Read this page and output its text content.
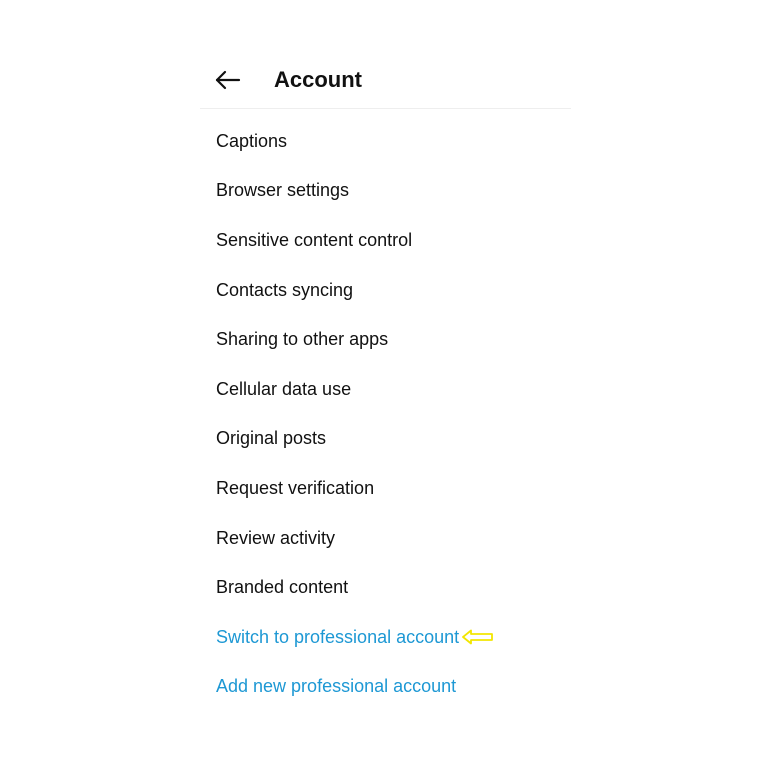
Account
Captions
Browser settings
Sensitive content control
Contacts syncing
Sharing to other apps
Cellular data use
Original posts
Request verification
Review activity
Branded content
Switch to professional account
Add new professional account
